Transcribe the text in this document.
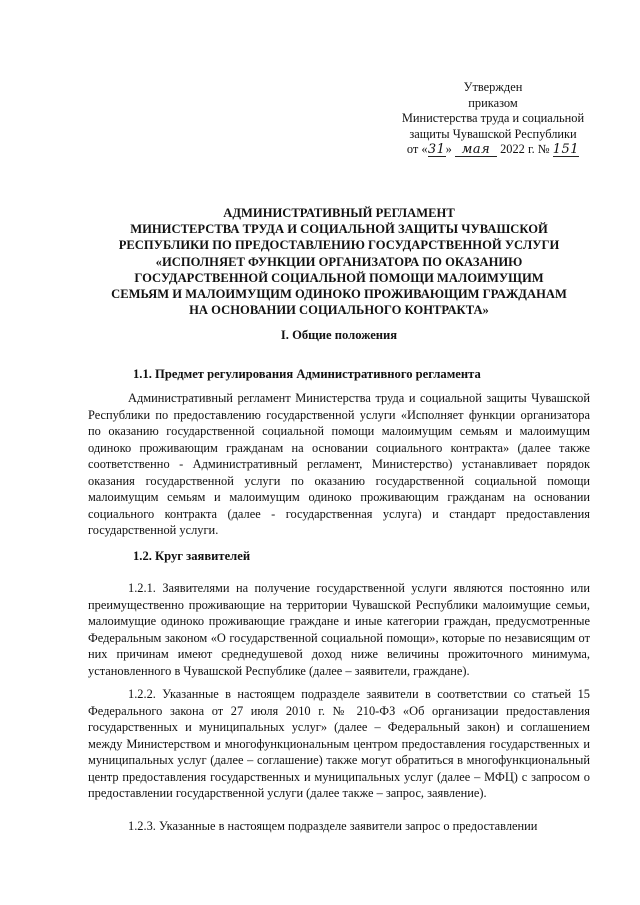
Утвержден
приказом
Министерства труда и социальной
защиты Чувашской Республики
от «31» мая 2022 г. № 151
АДМИНИСТРАТИВНЫЙ РЕГЛАМЕНТ
МИНИСТЕРСТВА ТРУДА И СОЦИАЛЬНОЙ ЗАЩИТЫ ЧУВАШСКОЙ
РЕСПУБЛИКИ ПО ПРЕДОСТАВЛЕНИЮ ГОСУДАРСТВЕННОЙ УСЛУГИ
«ИСПОЛНЯЕТ ФУНКЦИИ ОРГАНИЗАТОРА ПО ОКАЗАНИЮ
ГОСУДАРСТВЕННОЙ СОЦИАЛЬНОЙ ПОМОЩИ МАЛОИМУЩИМ
СЕМЬЯМ И МАЛОИМУЩИМ ОДИНОКО ПРОЖИВАЮЩИМ ГРАЖДАНАМ
НА ОСНОВАНИИ СОЦИАЛЬНОГО КОНТРАКТА»
I. Общие положения
1.1. Предмет регулирования Административного регламента
Административный регламент Министерства труда и социальной защиты Чувашской Республики по предоставлению государственной услуги «Исполняет функции организатора по оказанию государственной социальной помощи малоимущим семьям и малоимущим одиноко проживающим гражданам на основании социального контракта» (далее также соответственно - Административный регламент, Министерство) устанавливает порядок оказания государственной услуги по оказанию государственной социальной помощи малоимущим семьям и малоимущим одиноко проживающим гражданам на основании социального контракта (далее - государственная услуга) и стандарт предоставления государственной услуги.
1.2. Круг заявителей
1.2.1. Заявителями на получение государственной услуги являются постоянно или преимущественно проживающие на территории Чувашской Республики малоимущие семьи, малоимущие одиноко проживающие граждане и иные категории граждан, предусмотренные Федеральным законом «О государственной социальной помощи», которые по независящим от них причинам имеют среднедушевой доход ниже величины прожиточного минимума, установленного в Чувашской Республике (далее – заявители, граждане).
1.2.2. Указанные в настоящем подразделе заявители в соответствии со статьей 15 Федерального закона от 27 июля 2010 г. № 210-ФЗ «Об организации предоставления государственных и муниципальных услуг» (далее – Федеральный закон) и соглашением между Министерством и многофункциональным центром предоставления государственных и муниципальных услуг (далее – соглашение) также могут обратиться в многофункциональный центр предоставления государственных и муниципальных услуг (далее – МФЦ) с запросом о предоставлении государственной услуги (далее также – запрос, заявление).
1.2.3. Указанные в настоящем подразделе заявители запрос о предоставлении
